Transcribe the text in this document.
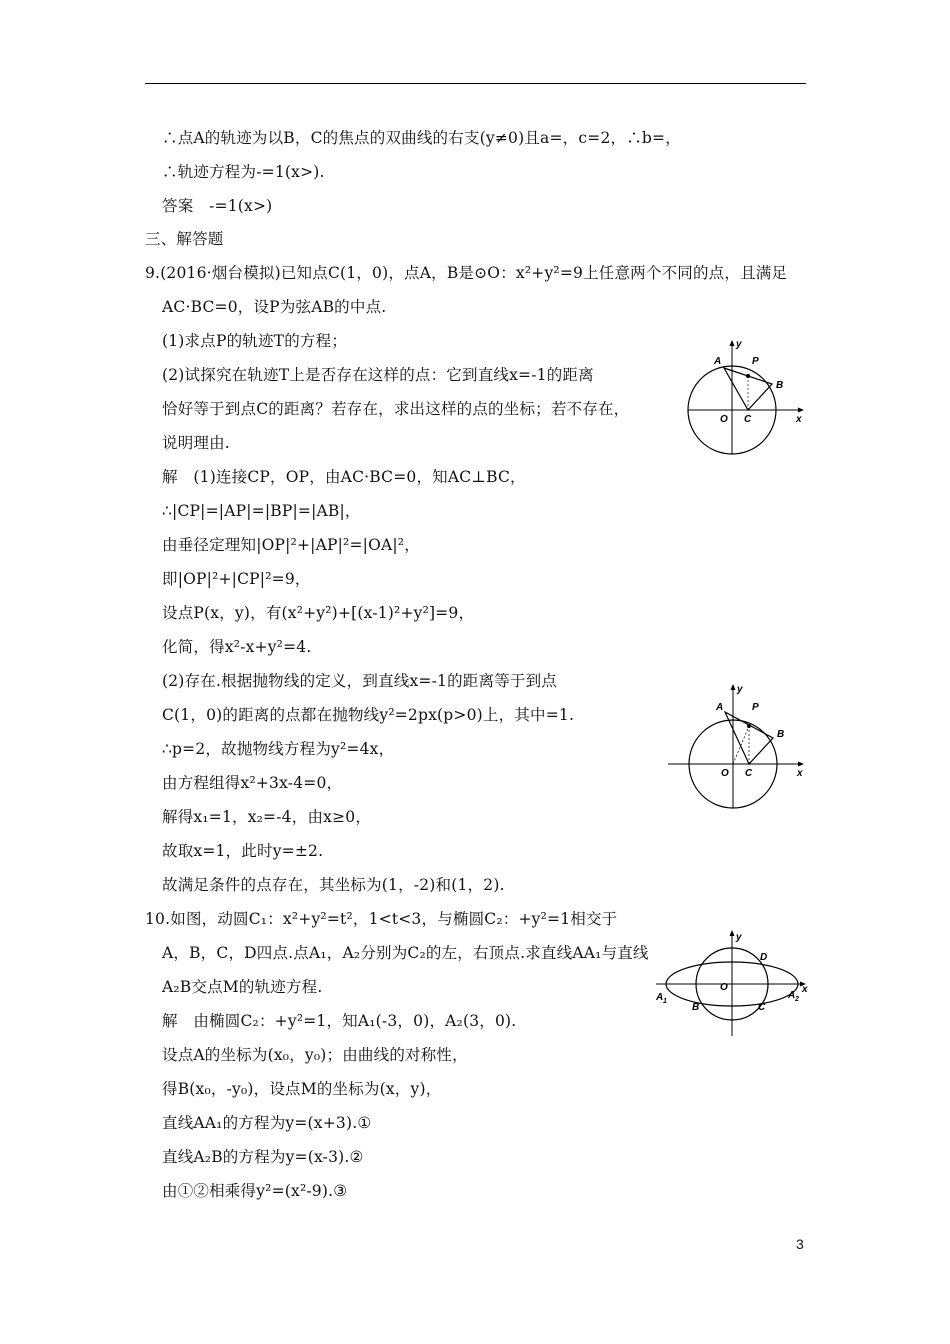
∴点A的轨迹为以B，C的焦点的双曲线的右支(y≠0)且a=，c=2，∴b=，
∴轨迹方程为-=1(x>).
答案　-=1(x>)
三、解答题
9.(2016·烟台模拟)已知点C(1，0)，点A，B是⊙O：x²+y²=9上任意两个不同的点，且满足
AC·BC=0，设P为弦AB的中点.
(1)求点P的轨迹T的方程；
(2)试探究在轨迹T上是否存在这样的点：它到直线x=-1的距离
恰好等于到点C的距离？若存在，求出这样的点的坐标；若不存在，
说明理由.
解　(1)连接CP，OP，由AC·BC=0，知AC⊥BC，
∴|CP|=|AP|=|BP|=|AB|，
由垂径定理知|OP|²+|AP|²=|OA|²，
即|OP|²+|CP|²=9，
设点P(x，y)，有(x²+y²)+[(x-1)²+y²]=9，
化简，得x²-x+y²=4.
(2)存在.根据抛物线的定义，到直线x=-1的距离等于到点
C(1，0)的距离的点都在抛物线y²=2px(p>0)上，其中=1.
∴p=2，故抛物线方程为y²=4x，
由方程组得x²+3x-4=0，
解得x₁=1，x₂=-4，由x≥0，
故取x=1，此时y=±2.
故满足条件的点存在，其坐标为(1，-2)和(1，2).
10.如图，动圆C₁：x²+y²=t²，1<t<3，与椭圆C₂：+y²=1相交于
A，B，C，D四点.点A₁，A₂分别为C₂的左，右顶点.求直线AA₁与直线
A₂B交点M的轨迹方程.
解　由椭圆C₂：+y²=1，知A₁(-3，0)，A₂(3，0).
设点A的坐标为(x₀，y₀)；由曲线的对称性，
得B(x₀，-y₀)，设点M的坐标为(x，y)，
直线AA₁的方程为y=(x+3).①
直线A₂B的方程为y=(x-3).②
由①②相乘得y²=(x²-9).③
y
A	P
B
O C	x
y
A	P
B
O C	x
y
D
A 1
O
A 2
x
B	C
3
